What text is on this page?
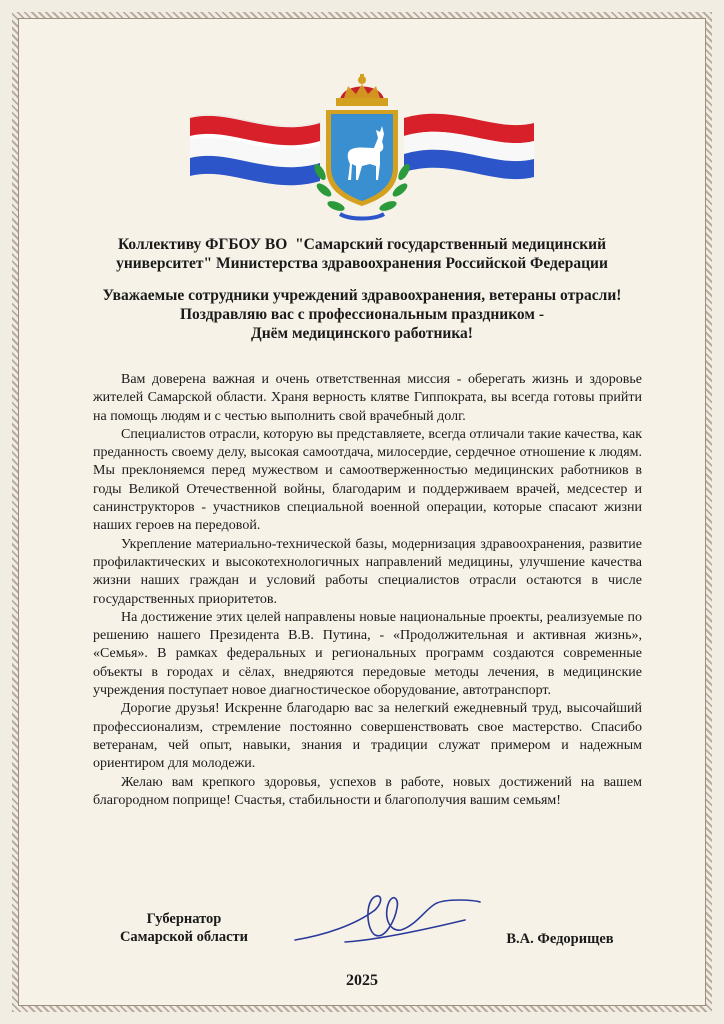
Коллективу ФГБОУ ВО  "Самарский государственный медицинский
университет" Министерства здравоохранения Российской Федерации
Уважаемые сотрудники учреждений здравоохранения, ветераны отрасли!
Поздравляю вас с профессиональным праздником -
Днём медицинского работника!

Вам доверена важная и очень ответственная миссия - оберегать жизнь и здоровье жителей Самарской области. Храня верность клятве Гиппократа, вы всегда готовы прийти на помощь людям и с честью выполнить свой врачебный долг.

Специалистов отрасли, которую вы представляете, всегда отличали такие качества, как преданность своему делу, высокая самоотдача, милосердие, сердечное отношение к людям. Мы преклоняемся перед мужеством и самоотверженностью медицинских работников в годы Великой Отечественной войны, благодарим и поддерживаем врачей, медсестер и санинструкторов - участников специальной военной операции, которые спасают жизни наших героев на передовой.

Укрепление материально-технической базы, модернизация здравоохранения, развитие профилактических и высокотехнологичных направлений медицины, улучшение качества жизни наших граждан и условий работы специалистов отрасли остаются в числе государственных приоритетов.

На достижение этих целей направлены новые национальные проекты, реализуемые по решению нашего Президента В.В. Путина, - «Продолжительная и активная жизнь», «Семья». В рамках федеральных и региональных программ создаются современные объекты в городах и сёлах, внедряются передовые методы лечения, в медицинские учреждения поступает новое диагностическое оборудование, автотранспорт.

Дорогие друзья! Искренне благодарю вас за нелегкий ежедневный труд, высочайший профессионализм, стремление постоянно совершенствовать свое мастерство. Спасибо ветеранам, чей опыт, навыки, знания и традиции служат примером и надежным ориентиром для молодежи.

Желаю вам крепкого здоровья, успехов в работе, новых достижений на вашем благородном поприще! Счастья, стабильности и благополучия вашим семьям!

Губернатор
Самарской области	В.А. Федорищев
2025
